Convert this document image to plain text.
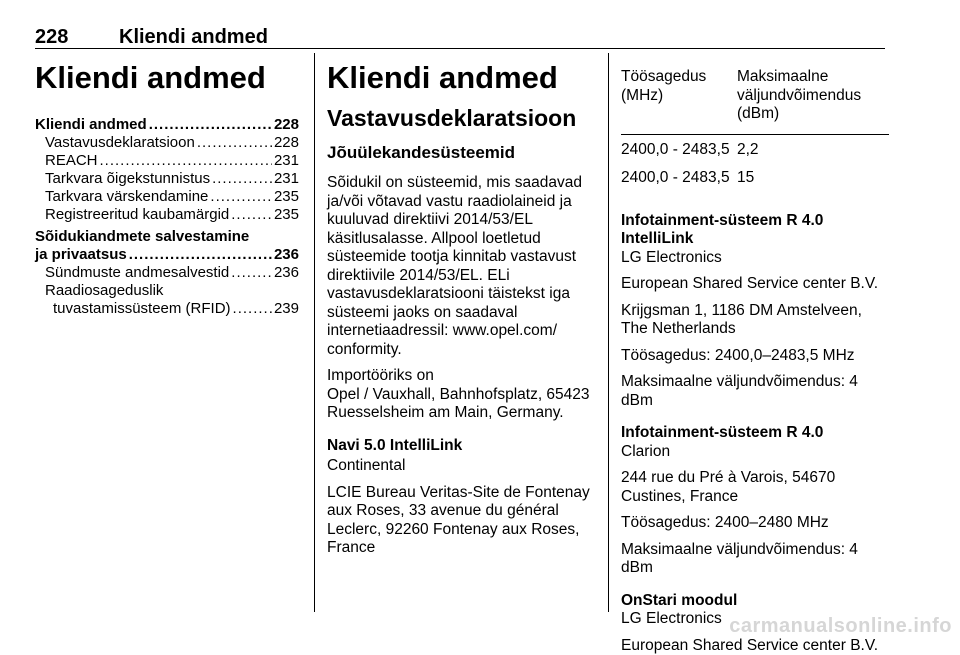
228	Kliendi andmed
Kliendi andmed
Kliendi andmed .....	228
Vastavusdeklaratsioon .....	228
REACH .....	231
Tarkvara õigekstunnistus .....	231
Tarkvara värskendamine .....	235
Registreeritud kaubamärgid .....	235
Sõidukiandmete salvestamine
ja privaatsus .....	236
Sündmuste andmesalvestid .....	236
Raadiosageduslik
tuvastamissüsteem (RFID) .....	239
Kliendi andmed
Vastavusdeklaratsioon
Jõuülekandesüsteemid
Sõidukil on süsteemid, mis saadavad ja/või võtavad vastu raadiolaineid ja kuuluvad direktiivi 2014/53/EL käsitlusalasse. Allpool loetletud süsteemide tootja kinnitab vastavust direktiivile 2014/53/EL. ELi vastavusdeklaratsiooni täistekst iga süsteemi jaoks on saadaval internetiaadressil: www.opel.com/ conformity.
Importööriks on
Opel / Vauxhall, Bahnhofsplatz, 65423 Ruesselsheim am Main, Germany.
Navi 5.0 IntelliLink
Continental
LCIE Bureau Veritas-Site de Fontenay aux Roses, 33 avenue du général Leclerc, 92260 Fontenay aux Roses, France
Töösagedus (MHz)	Maksimaalne väljundvõimendus (dBm)
2400,0 - 2483,5	2,2
2400,0 - 2483,5	15
Infotainment-süsteem R 4.0 IntelliLink
LG Electronics
European Shared Service center B.V.
Krijgsman 1, 1186 DM Amstelveen, The Netherlands
Töösagedus: 2400,0–2483,5 MHz
Maksimaalne väljundvõimendus: 4 dBm
Infotainment-süsteem R 4.0
Clarion
244 rue du Pré à Varois, 54670 Custines, France
Töösagedus: 2400–2480 MHz
Maksimaalne väljundvõimendus: 4 dBm
OnStari moodul
LG Electronics
European Shared Service center B.V.
carmanualsonline.info
